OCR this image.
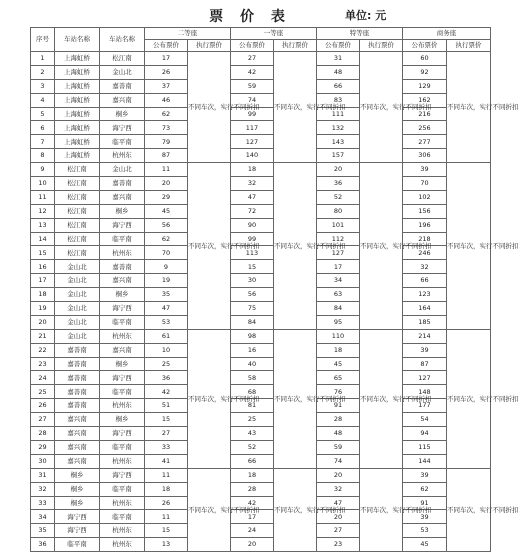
票 价 表	单位: 元
序号	车站名称	车站名称	二等座		一等座		特等座		商务座	
			公布票价	执行票价	公布票价	执行票价	公布票价	执行票价	公布票价	执行票价
1	上海虹桥	松江南	17	不同车次，实行不同折扣	27	不同车次，实行不同折扣	31	不同车次，实行不同折扣	60	不同车次，实行不同折扣
2	上海虹桥	金山北	26		42		48		92	
3	上海虹桥	嘉善南	37		59		66		129	
4	上海虹桥	嘉兴南	46		74		83		162	
5	上海虹桥	桐乡	62		99		111		216	
6	上海虹桥	海宁西	73		117		132		256	
7	上海虹桥	临平南	79		127		143		277	
8	上海虹桥	杭州东	87		140		157		306	
9	松江南	金山北	11	不同车次，实行不同折扣	18	不同车次，实行不同折扣	20	不同车次，实行不同折扣	39	不同车次，实行不同折扣
10	松江南	嘉善南	20		32		36		70	
11	松江南	嘉兴南	29		47		52		102	
12	松江南	桐乡	45		72		80		156	
13	松江南	海宁西	56		90		101		196	
14	松江南	临平南	62		99		112		218	
15	松江南	杭州东	70		113		127		246	
16	金山北	嘉善南	9		15		17		32	
17	金山北	嘉兴南	19		30		34		66	
18	金山北	桐乡	35		56		63		123	
19	金山北	海宁西	47		75		84		164	
20	金山北	临平南	53		84		95		185	
21	金山北	杭州东	61	不同车次，实行不同折扣	98	不同车次，实行不同折扣	110	不同车次，实行不同折扣	214	不同车次，实行不同折扣
22	嘉善南	嘉兴南	10		16		18		39	
23	嘉善南	桐乡	25		40		45		87	
24	嘉善南	海宁西	36		58		65		127	
25	嘉善南	临平南	42		68		76		148	
26	嘉善南	杭州东	51		81		91		177	
27	嘉兴南	桐乡	15		25		28		54	
28	嘉兴南	海宁西	27		43		48		94	
29	嘉兴南	临平南	33		52		59		115	
30	嘉兴南	杭州东	41		66		74		144	
31	桐乡	海宁西	11	不同车次，实行不同折扣	18	不同车次，实行不同折扣	20	不同车次，实行不同折扣	39	不同车次，实行不同折扣
32	桐乡	临平南	18		28		32		62	
33	桐乡	杭州东	26		42		47		91	
34	海宁西	临平南	11		17		20		39	
35	海宁西	杭州东	15		24		27		53	
36	临平南	杭州东	13		20		23		45	
